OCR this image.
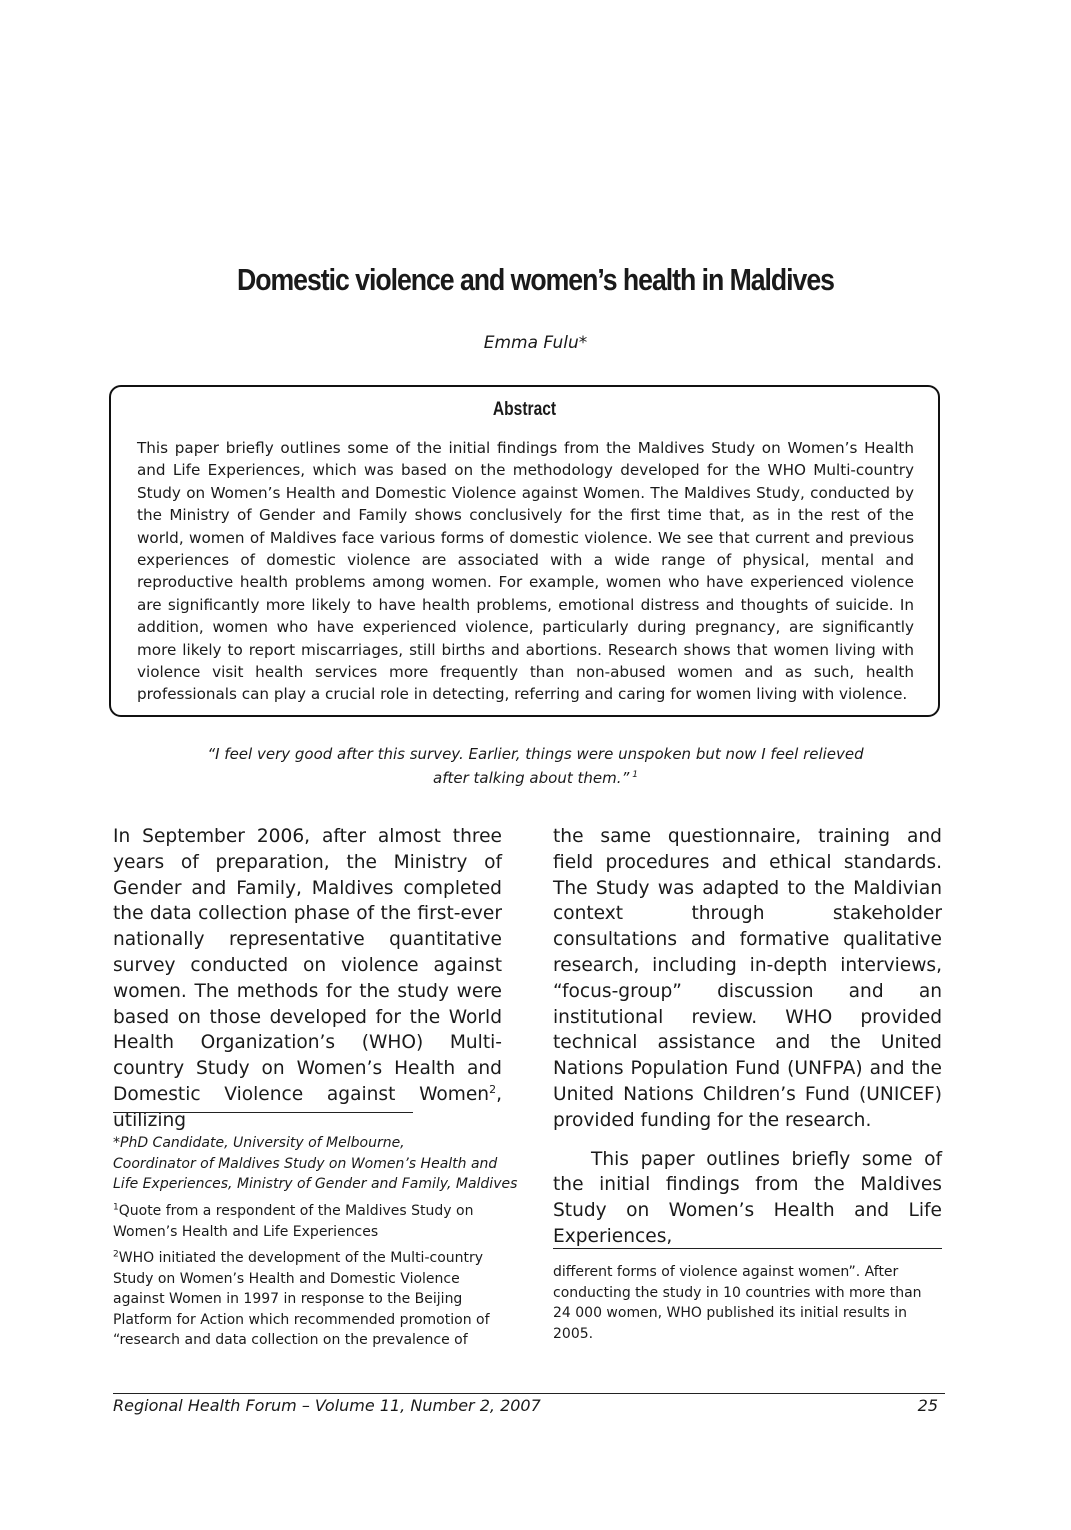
Domestic violence and women’s health in Maldives
Emma Fulu*
Abstract
This paper briefly outlines some of the initial findings from the Maldives Study on Women’s Health and Life Experiences, which was based on the methodology developed for the WHO Multi-country Study on Women’s Health and Domestic Violence against Women. The Maldives Study, conducted by the Ministry of Gender and Family shows conclusively for the first time that, as in the rest of the world, women of Maldives face various forms of domestic violence. We see that current and previous experiences of domestic violence are associated with a wide range of physical, mental and reproductive health problems among women. For example, women who have experienced violence are significantly more likely to have health problems, emotional distress and thoughts of suicide. In addition, women who have experienced violence, particularly during pregnancy, are significantly more likely to report miscarriages, still births and abortions. Research shows that women living with violence visit health services more frequently than non-abused women and as such, health professionals can play a crucial role in detecting, referring and caring for women living with violence.
“I feel very good after this survey. Earlier, things were unspoken but now I feel relieved
after talking about them.” $^1$

In September 2006, after almost three years of preparation, the Ministry of Gender and Family, Maldives completed the data collection phase of the first-ever nationally representative quantitative survey conducted on violence against women. The methods for the study were based on those developed for the World Health Organization’s (WHO) Multi-country Study on Women’s Health and Domestic Violence against Women$^2$, utilizing

the same questionnaire, training and field procedures and ethical standards. The Study was adapted to the Maldivian context through stakeholder consultations and formative qualitative research, including in-depth interviews, “focus-group” discussion and an institutional review. WHO provided technical assistance and the United Nations Population Fund (UNFPA) and the United Nations Children’s Fund (UNICEF) provided funding for the research.

This paper outlines briefly some of the initial findings from the Maldives Study on Women’s Health and Life Experiences,

*PhD Candidate, University of Melbourne,

Coordinator of Maldives Study on Women’s Health and

Life Experiences, Ministry of Gender and Family, Maldives

$^1$Quote from a respondent of the Maldives Study on

Women’s Health and Life Experiences

$^2$WHO initiated the development of the Multi-country

Study on Women’s Health and Domestic Violence

against Women in 1997 in response to the Beijing

Platform for Action which recommended promotion of

“research and data collection on the prevalence of

different forms of violence against women”. After

conducting the study in 10 countries with more than

24 000 women, WHO published its initial results in

2005.

Regional Health Forum – Volume 11, Number 2, 2007	25
